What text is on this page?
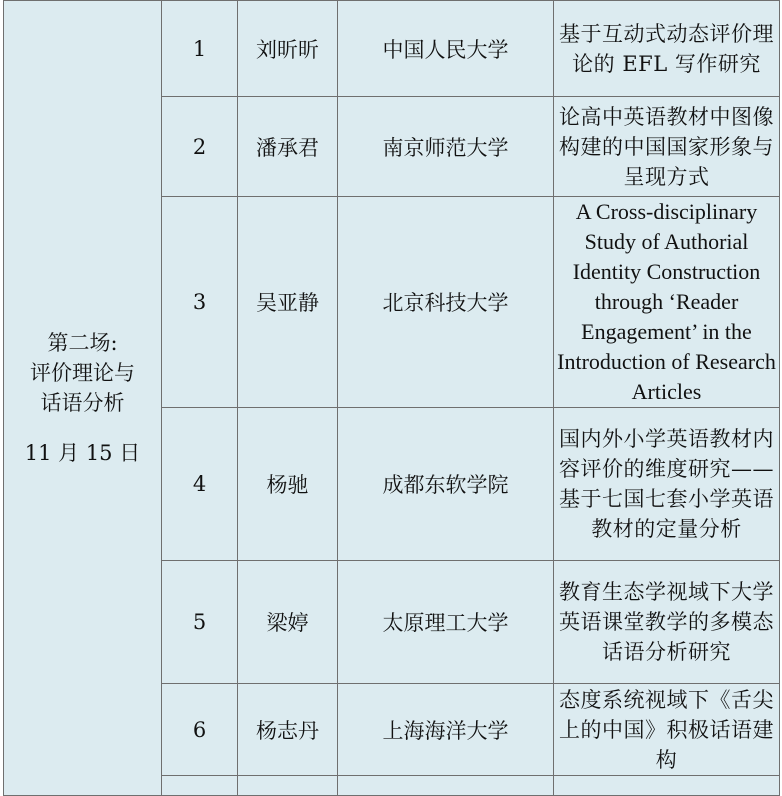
第二场:
评价理论与
话语分析
11 月 15 日	1	刘昕昕	中国人民大学	基于互动式动态评价理论的 EFL 写作研究
	2	潘承君	南京师范大学	论高中英语教材中图像构建的中国国家形象与呈现方式
	3	吴亚静	北京科技大学	A Cross-disciplinary Study of Authorial Identity Construction through ‘Reader Engagement’ in the Introduction of Research Articles
	4	杨驰	成都东软学院	国内外小学英语教材内容评价的维度研究——基于七国七套小学英语教材的定量分析
	5	梁婷	太原理工大学	教育生态学视域下大学英语课堂教学的多模态话语分析研究
	6	杨志丹	上海海洋大学	态度系统视域下《舌尖上的中国》积极话语建构
